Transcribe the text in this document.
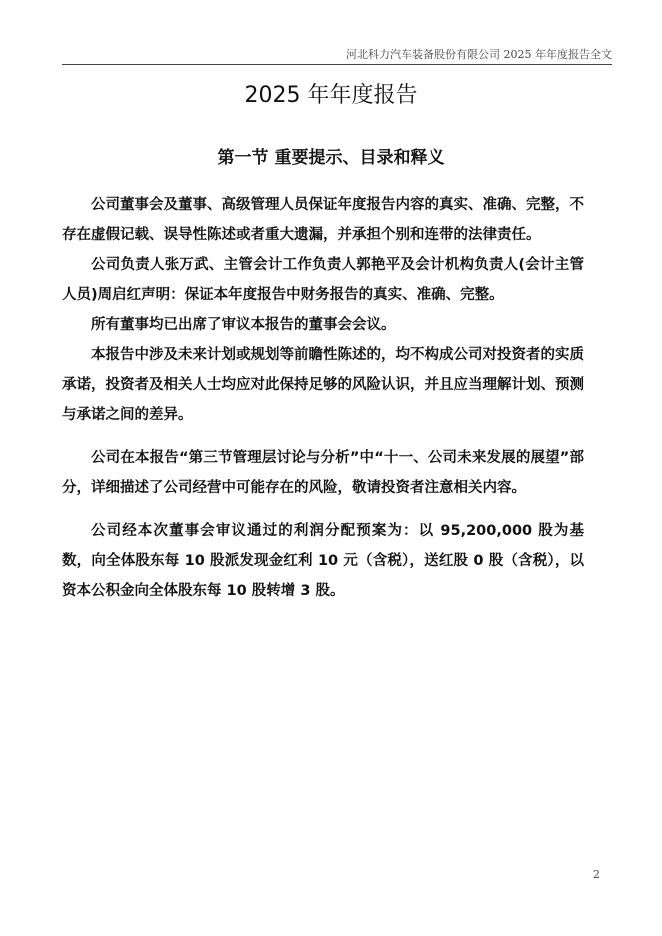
河北科力汽车装备股份有限公司 2025 年年度报告全文
2025 年年度报告
第一节 重要提示、目录和释义

公司董事会及董事、高级管理人员保证年度报告内容的真实、准确、完整，不存在虚假记载、误导性陈述或者重大遗漏，并承担个别和连带的法律责任。

公司负责人张万武、主管会计工作负责人郭艳平及会计机构负责人(会计主管人员)周启红声明：保证本年度报告中财务报告的真实、准确、完整。

所有董事均已出席了审议本报告的董事会会议。

本报告中涉及未来计划或规划等前瞻性陈述的，均不构成公司对投资者的实质承诺，投资者及相关人士均应对此保持足够的风险认识，并且应当理解计划、预测与承诺之间的差异。

公司在本报告“第三节管理层讨论与分析”中“十一、公司未来发展的展望”部分，详细描述了公司经营中可能存在的风险，敬请投资者注意相关内容。

公司经本次董事会审议通过的利润分配预案为：以 95,200,000 股为基数，向全体股东每 10 股派发现金红利 10 元（含税），送红股 0 股（含税），以资本公积金向全体股东每 10 股转增 3 股。

2
